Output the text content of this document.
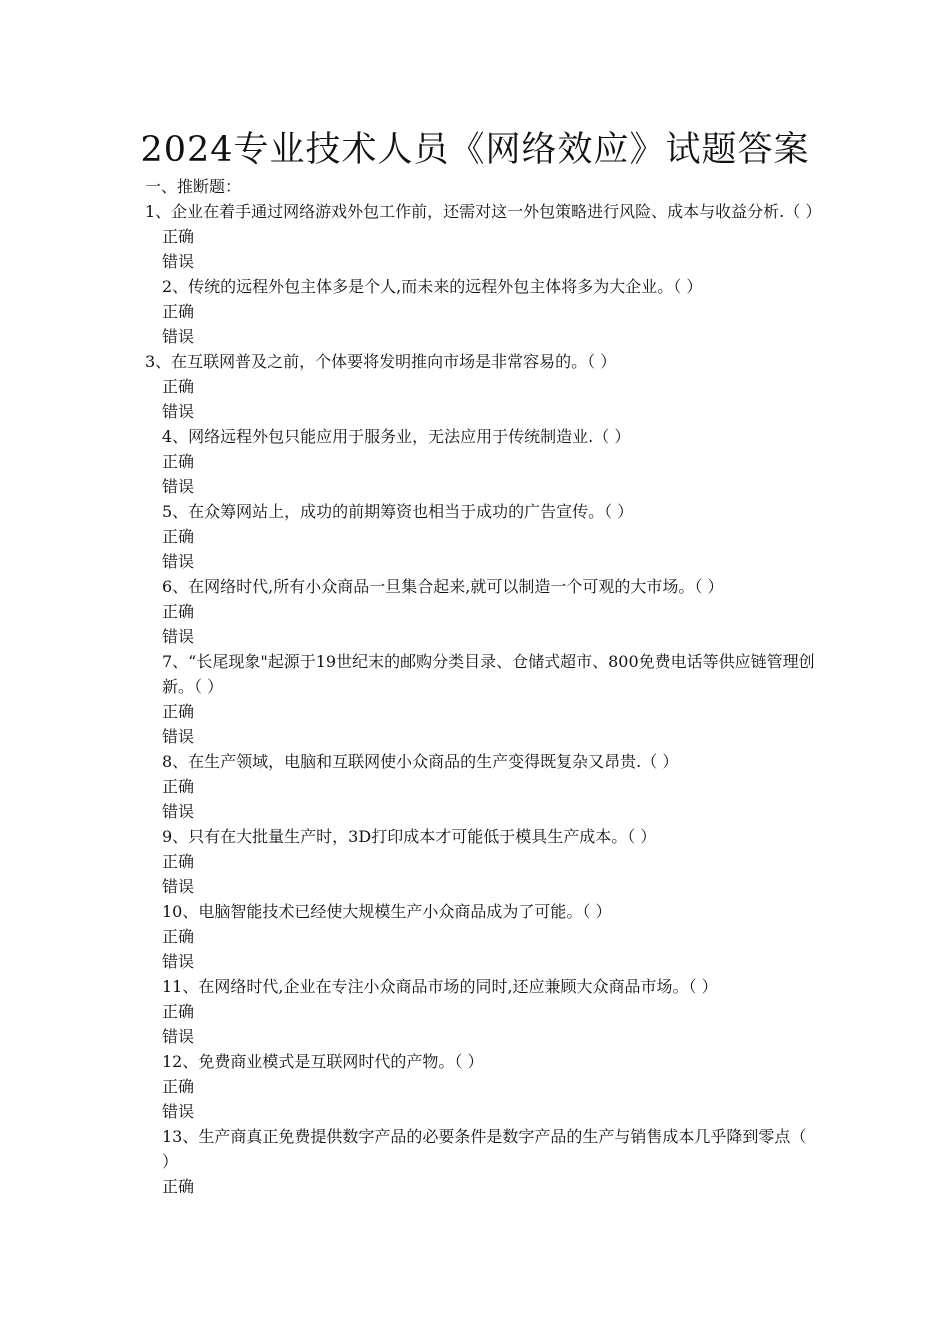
2024专业技术人员《网络效应》试题答案
一、推断题：
1、企业在着手通过网络游戏外包工作前，还需对这一外包策略进行风险、成本与收益分析.（ ）
正确
错误
2、传统的远程外包主体多是个人,而未来的远程外包主体将多为大企业。（ ）
正确
错误
3、在互联网普及之前，个体要将发明推向市场是非常容易的。（ ）
正确
错误
4、网络远程外包只能应用于服务业，无法应用于传统制造业.（ ）
正确
错误
5、在众筹网站上，成功的前期筹资也相当于成功的广告宣传。（ ）
正确
错误
6、在网络时代,所有小众商品一旦集合起来,就可以制造一个可观的大市场。（ ）
正确
错误
7、“长尾现象"起源于19世纪末的邮购分类目录、仓储式超市、800免费电话等供应链管理创新。（ ）
正确
错误
8、在生产领域，电脑和互联网使小众商品的生产变得既复杂又昂贵.（ ）
正确
错误
9、只有在大批量生产时，3D打印成本才可能低于模具生产成本。（ ）
正确
错误
10、电脑智能技术已经使大规模生产小众商品成为了可能。（ ）
正确
错误
11、在网络时代,企业在专注小众商品市场的同时,还应兼顾大众商品市场。（ ）
正确
错误
12、免费商业模式是互联网时代的产物。（ ）
正确
错误
13、生产商真正免费提供数字产品的必要条件是数字产品的生产与销售成本几乎降到零点（ ）
正确
